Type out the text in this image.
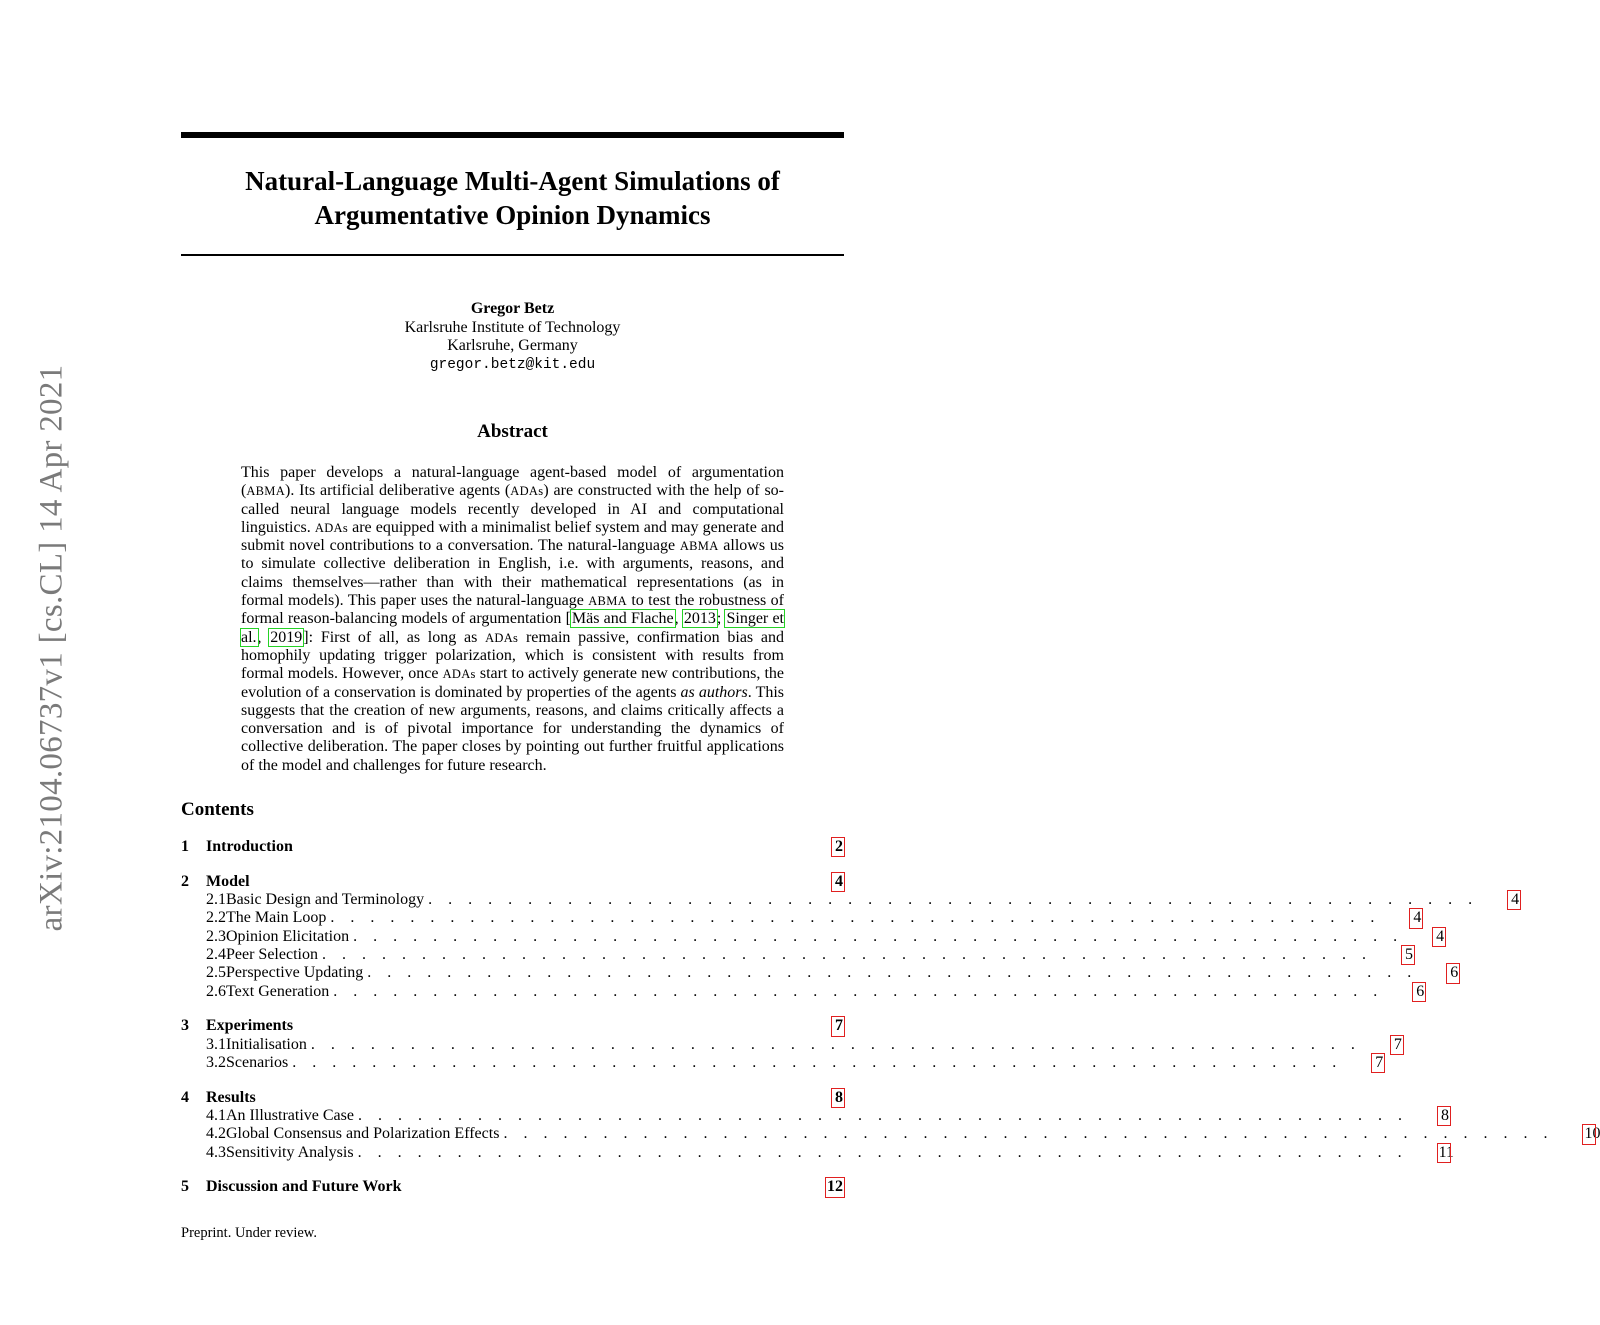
arXiv:2104.06737v1 [cs.CL] 14 Apr 2021
Natural-Language Multi-Agent Simulations of
Argumentative Opinion Dynamics
Gregor Betz
Karlsruhe Institute of Technology
Karlsruhe, Germany
gregor.betz@kit.edu
Abstract
This paper develops a natural-language agent-based model of argumentation (ABMA). Its artificial deliberative agents (ADAs) are constructed with the help of so-called neural language models recently developed in AI and computational linguistics. ADAs are equipped with a minimalist belief system and may generate and submit novel contributions to a conversation. The natural-language ABMA allows us to simulate collective deliberation in English, i.e. with arguments, reasons, and claims themselves—rather than with their mathematical representations (as in formal models). This paper uses the natural-language ABMA to test the robustness of formal reason-balancing models of argumentation [Mäs and Flache, 2013; Singer et al., 2019]: First of all, as long as ADAs remain passive, confirmation bias and homophily updating trigger polarization, which is consistent with results from formal models. However, once ADAs start to actively generate new contributions, the evolution of a conservation is dominated by properties of the agents as authors. This suggests that the creation of new arguments, reasons, and claims critically affects a conversation and is of pivotal importance for understanding the dynamics of collective deliberation. The paper closes by pointing out further fruitful applications of the model and challenges for future research.
Contents
1	Introduction	2
2	Model	4
2.1 Basic Design and Terminology . . . . . . . . . . . . . . . . . . . . . . . . . . . . . . . . . . . . . . . . . . . . . . . . . . . . . 4
2.2 The Main Loop . . . . . . . . . . . . . . . . . . . . . . . . . . . . . . . . . . . . . . . . . . . . . . . . . . . . . 4
2.3 Opinion Elicitation . . . . . . . . . . . . . . . . . . . . . . . . . . . . . . . . . . . . . . . . . . . . . . . . . . . . . 4
2.4 Peer Selection . . . . . . . . . . . . . . . . . . . . . . . . . . . . . . . . . . . . . . . . . . . . . . . . . . . . . 5
2.5 Perspective Updating . . . . . . . . . . . . . . . . . . . . . . . . . . . . . . . . . . . . . . . . . . . . . . . . . . . . . 6
2.6 Text Generation . . . . . . . . . . . . . . . . . . . . . . . . . . . . . . . . . . . . . . . . . . . . . . . . . . . . . 6
3	Experiments	7
3.1 Initialisation . . . . . . . . . . . . . . . . . . . . . . . . . . . . . . . . . . . . . . . . . . . . . . . . . . . . . 7
3.2 Scenarios . . . . . . . . . . . . . . . . . . . . . . . . . . . . . . . . . . . . . . . . . . . . . . . . . . . . . 7
4	Results	8
4.1 An Illustrative Case . . . . . . . . . . . . . . . . . . . . . . . . . . . . . . . . . . . . . . . . . . . . . . . . . . . . . 8
4.2 Global Consensus and Polarization Effects . . . . . . . . . . . . . . . . . . . . . . . . . . . . . . . . . . . . . . . . . . . . . . . . . . . . . 10
4.3 Sensitivity Analysis . . . . . . . . . . . . . . . . . . . . . . . . . . . . . . . . . . . . . . . . . . . . . . . . . . . . . 11
5	Discussion and Future Work	12
Preprint. Under review.
